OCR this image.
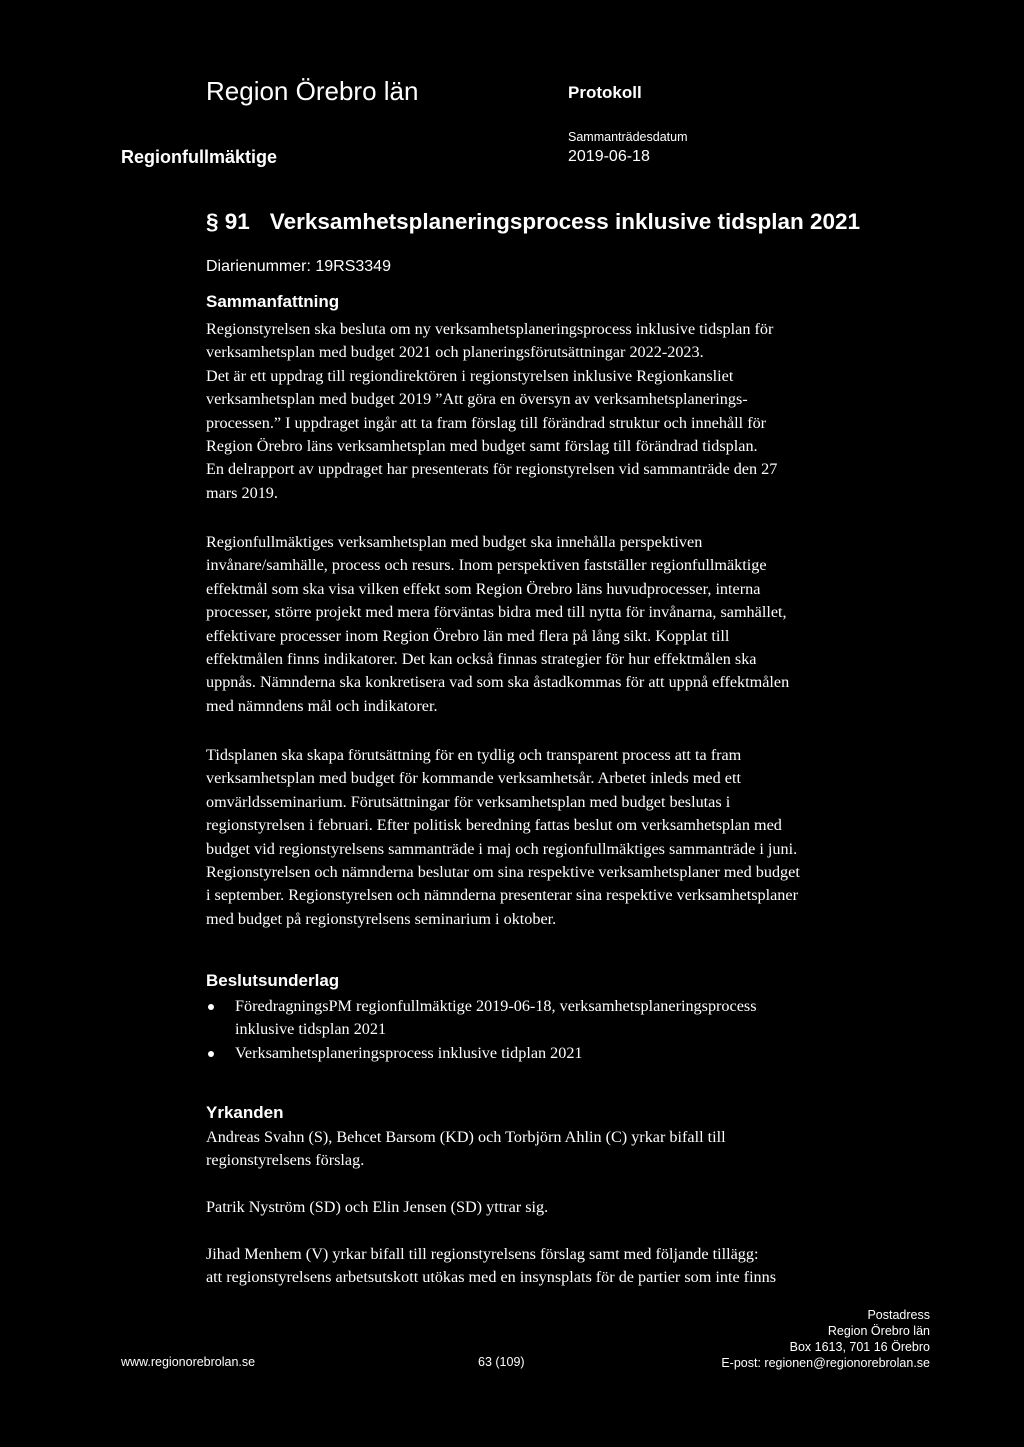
Region Örebro län	Protokoll
Regionfullmäktige
Sammanträdesdatum
2019-06-18
§ 91 Verksamhetsplaneringsprocess inklusive tidsplan 2021
Diarienummer: 19RS3349
Sammanfattning
Regionstyrelsen ska besluta om ny verksamhetsplaneringsprocess inklusive tidsplan för
verksamhetsplan med budget 2021 och planeringsförutsättningar 2022-2023.
Det är ett uppdrag till regiondirektören i regionstyrelsen inklusive Regionkansliet
verksamhetsplan med budget 2019 ”Att göra en översyn av verksamhetsplanerings-
processen.” I uppdraget ingår att ta fram förslag till förändrad struktur och innehåll för
Region Örebro läns verksamhetsplan med budget samt förslag till förändrad tidsplan.
En delrapport av uppdraget har presenterats för regionstyrelsen vid sammanträde den 27
mars 2019.
Regionfullmäktiges verksamhetsplan med budget ska innehålla perspektiven
invånare/samhälle, process och resurs. Inom perspektiven fastställer regionfullmäktige
effektmål som ska visa vilken effekt som Region Örebro läns huvudprocesser, interna
processer, större projekt med mera förväntas bidra med till nytta för invånarna, samhället,
effektivare processer inom Region Örebro län med flera på lång sikt. Kopplat till
effektmålen finns indikatorer. Det kan också finnas strategier för hur effektmålen ska
uppnås. Nämnderna ska konkretisera vad som ska åstadkommas för att uppnå effektmålen
med nämndens mål och indikatorer.
Tidsplanen ska skapa förutsättning för en tydlig och transparent process att ta fram
verksamhetsplan med budget för kommande verksamhetsår. Arbetet inleds med ett
omvärldsseminarium. Förutsättningar för verksamhetsplan med budget beslutas i
regionstyrelsen i februari. Efter politisk beredning fattas beslut om verksamhetsplan med
budget vid regionstyrelsens sammanträde i maj och regionfullmäktiges sammanträde i juni.
Regionstyrelsen och nämnderna beslutar om sina respektive verksamhetsplaner med budget
i september. Regionstyrelsen och nämnderna presenterar sina respektive verksamhetsplaner
med budget på regionstyrelsens seminarium i oktober.
Beslutsunderlag
FöredragningsPM regionfullmäktige 2019-06-18, verksamhetsplaneringsprocess
inklusive tidsplan 2021
Verksamhetsplaneringsprocess inklusive tidplan 2021
Yrkanden
Andreas Svahn (S), Behcet Barsom (KD) och Torbjörn Ahlin (C) yrkar bifall till
regionstyrelsens förslag.
Patrik Nyström (SD) och Elin Jensen (SD) yttrar sig.
Jihad Menhem (V) yrkar bifall till regionstyrelsens förslag samt med följande tillägg:
att regionstyrelsens arbetsutskott utökas med en insynsplats för de partier som inte finns
www.regionorebrolan.se	63 (109)
Postadress
Region Örebro län
Box 1613, 701 16 Örebro
E-post: regionen@regionorebrolan.se
